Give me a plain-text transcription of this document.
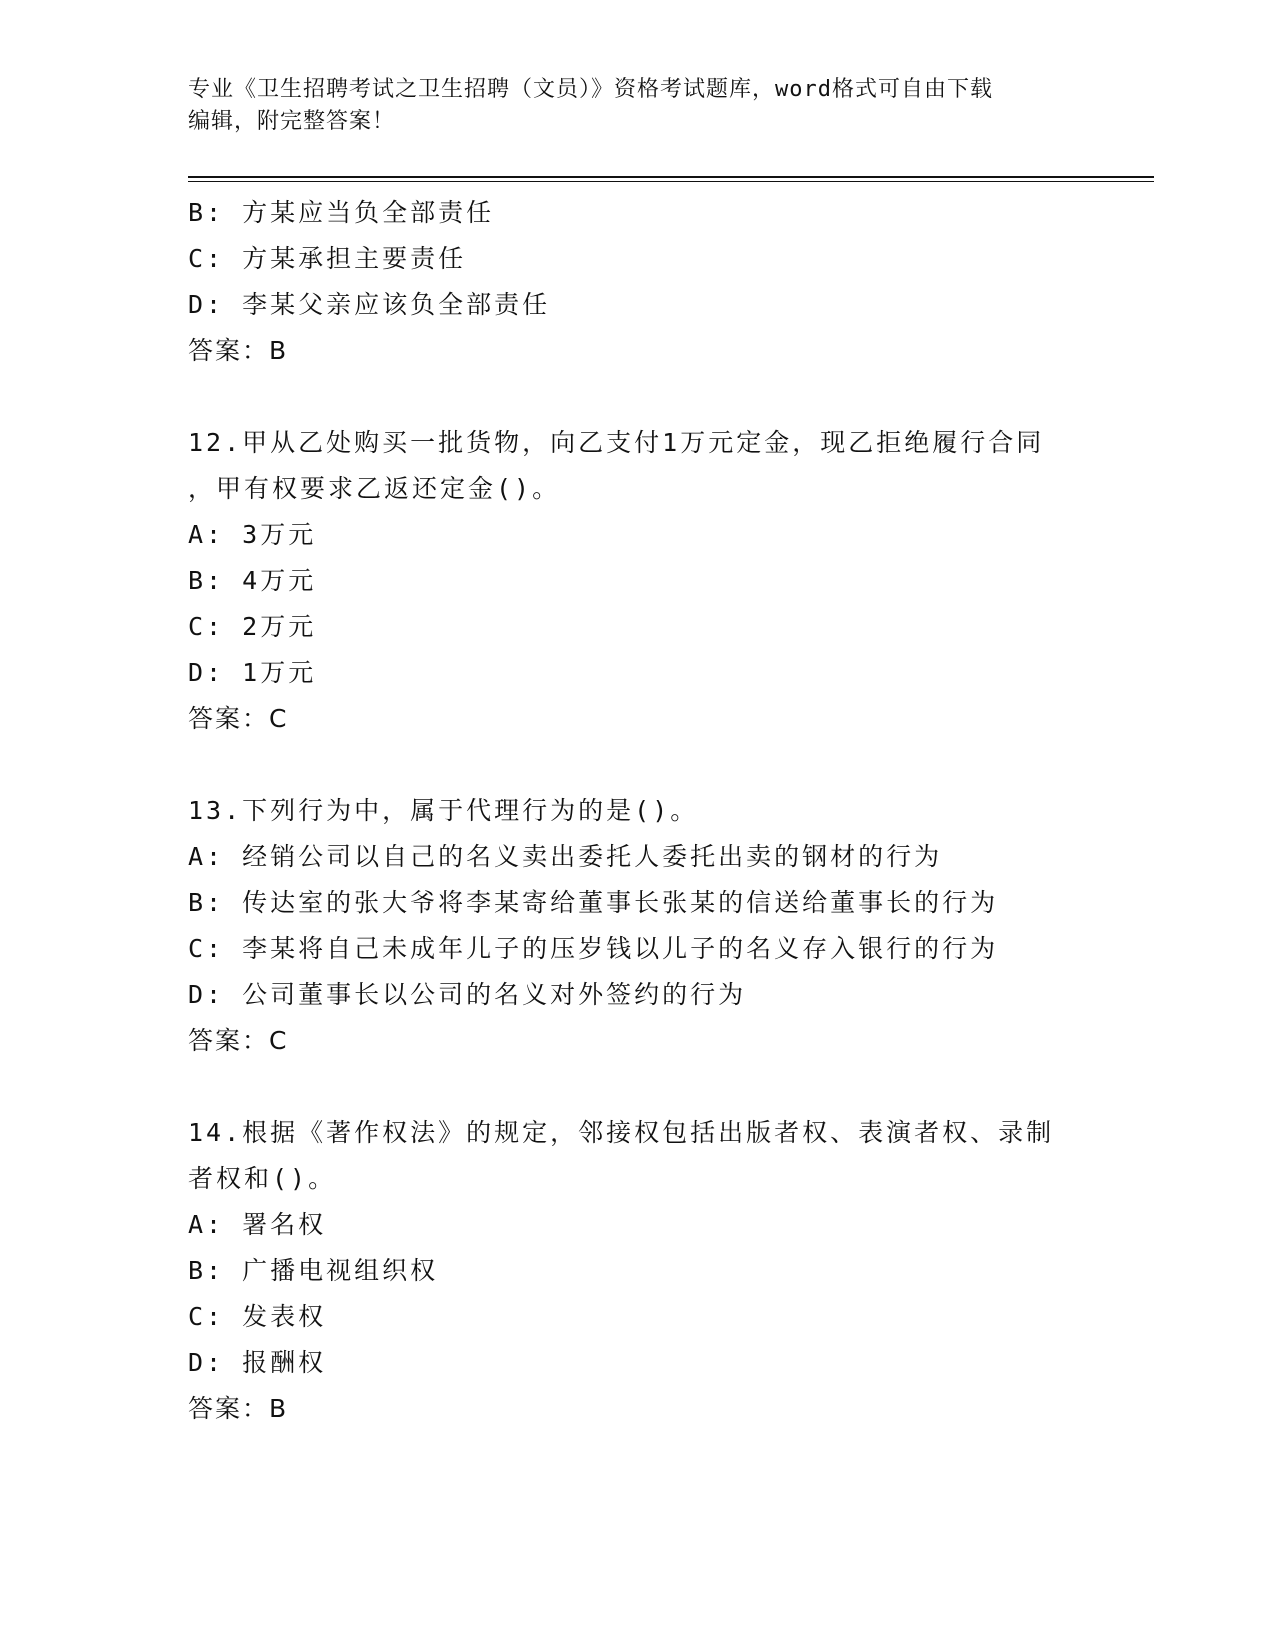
专业《卫生招聘考试之卫生招聘（文员）》资格考试题库，word格式可自由下载
编辑，附完整答案！
B: 方某应当负全部责任
C: 方某承担主要责任
D: 李某父亲应该负全部责任
答案：B
12.甲从乙处购买一批货物，向乙支付1万元定金，现乙拒绝履行合同
，甲有权要求乙返还定金()。
A: 3万元
B: 4万元
C: 2万元
D: 1万元
答案：C
13.下列行为中，属于代理行为的是()。
A: 经销公司以自己的名义卖出委托人委托出卖的钢材的行为
B: 传达室的张大爷将李某寄给董事长张某的信送给董事长的行为
C: 李某将自己未成年儿子的压岁钱以儿子的名义存入银行的行为
D: 公司董事长以公司的名义对外签约的行为
答案：C
14.根据《著作权法》的规定，邻接权包括出版者权、表演者权、录制
者权和()。
A: 署名权
B: 广播电视组织权
C: 发表权
D: 报酬权
答案：B
